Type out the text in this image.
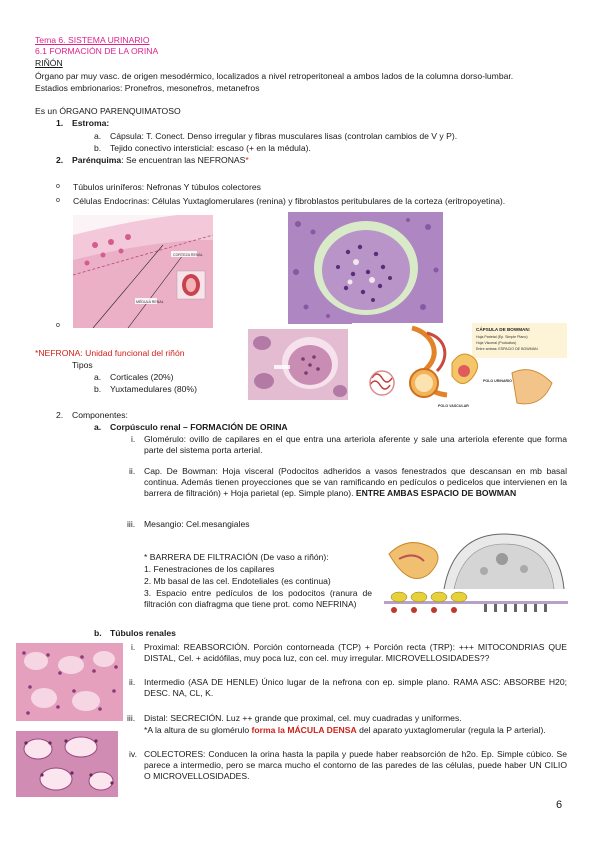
Tema 6. SISTEMA URINARIO
6.1 FORMACIÓN DE LA ORINA
RIÑÓN
Órgano par muy vasc. de origen mesodérmico, localizados a nivel retroperitoneal a ambos lados de la columna dorso-lumbar.
Estadios embrionarios: Pronefros, mesonefros, metanefros
Es un ÓRGANO PARENQUIMATOSO
1. Estroma:
a. Cápsula: T. Conect. Denso irregular y fibras musculares lisas (controlan cambios de V y P).
b. Tejido conectivo intersticial: escaso (+ en la médula).
2. Parénquima: Se encuentran las NEFRONAS*
o Túbulos uriníferos: Nefronas Y túbulos colectores
o Células Endocrinas: Células Yuxtaglomerulares (renina) y fibroblastos peritubulares de la corteza (eritropoyetina).
o
CORTEZA RENAL
MÉDULA RENAL
*NEFRONA: Unidad funcional del riñón
Tipos
a. Corticales (20%)
b. Yuxtamedulares (80%)
CÁPSULA DE BOWMAN:
Hoja Parietal (Ep. Simple Plano)
Hoja Visceral (Podocitos)
Entre ambas: ESPACIO DE BOWMAN
POLO URINARIO
POLO VASCULAR
2. Componentes:
a. Corpúsculo renal – FORMACIÓN DE ORINA
i. Glomérulo: ovillo de capilares en el que entra una arteriola aferente y sale una arteriola eferente que forma parte del sistema porta arterial.
ii. Cap. De Bowman: Hoja visceral (Podocitos adheridos a vasos fenestrados que descansan en mb basal continua. Además tienen proyecciones que se van ramificando en pedículos o pedicelos que intervienen en la barrera de filtración) + Hoja parietal (ep. Simple plano). ENTRE AMBAS ESPACIO DE BOWMAN
iii. Mesangio: Cel.mesangiales
* BARRERA DE FILTRACIÓN (De vaso a riñón):
1. Fenestraciones de los capilares
2. Mb basal de las cel. Endoteliales (es continua)
3. Espacio entre pedículos de los podocitos (ranura de filtración con diafragma que tiene prot. como NEFRINA)
b. Túbulos renales
i. Proximal: REABSORCIÓN. Porción contorneada (TCP) + Porción recta (TRP): +++ MITOCONDRIAS QUE DISTAL, Cel. + acidófilas, muy poca luz, con cel. muy irregular. MICROVELLOSIDADES??
ii. Intermedio (ASA DE HENLE) Único lugar de la nefrona con ep. simple plano. RAMA ASC: ABSORBE H20; DESC. NA, CL, K.
iii. Distal: SECRECIÓN. Luz ++ grande que proximal, cel. muy cuadradas y uniformes.
*A la altura de su glomérulo forma la MÁCULA DENSA del aparato yuxtaglomerular (regula la P arterial).
iv. COLECTORES: Conducen la orina hasta la papila y puede haber reabsorción de h2o. Ep. Simple cúbico. Se parece a intermedio, pero se marca mucho el contorno de las paredes de las células, puede haber UN CILIO O MICROVELLOSIDADES.
6
